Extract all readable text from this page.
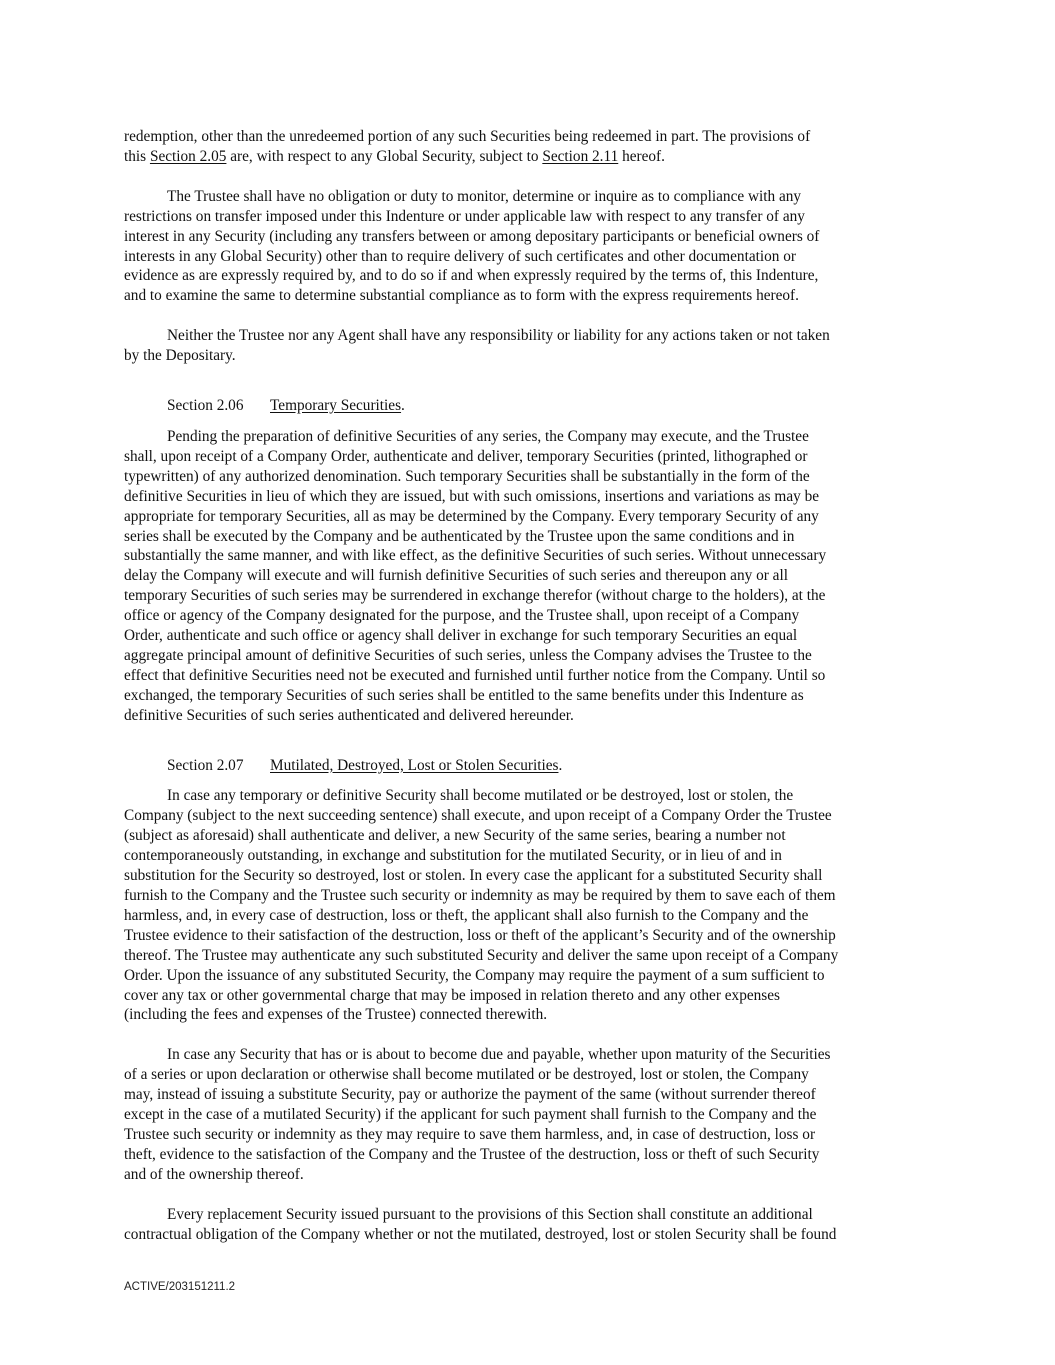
redemption, other than the unredeemed portion of any such Securities being redeemed in part. The provisions of
this Section 2.05 are, with respect to any Global Security, subject to Section 2.11 hereof.

The Trustee shall have no obligation or duty to monitor, determine or inquire as to compliance with any
restrictions on transfer imposed under this Indenture or under applicable law with respect to any transfer of any
interest in any Security (including any transfers between or among depositary participants or beneficial owners of
interests in any Global Security) other than to require delivery of such certificates and other documentation or
evidence as are expressly required by, and to do so if and when expressly required by the terms of, this Indenture,
and to examine the same to determine substantial compliance as to form with the express requirements hereof.

Neither the Trustee nor any Agent shall have any responsibility or liability for any actions taken or not taken
by the Depositary.

Section 2.06 Temporary Securities.

Pending the preparation of definitive Securities of any series, the Company may execute, and the Trustee
shall, upon receipt of a Company Order, authenticate and deliver, temporary Securities (printed, lithographed or
typewritten) of any authorized denomination. Such temporary Securities shall be substantially in the form of the
definitive Securities in lieu of which they are issued, but with such omissions, insertions and variations as may be
appropriate for temporary Securities, all as may be determined by the Company. Every temporary Security of any
series shall be executed by the Company and be authenticated by the Trustee upon the same conditions and in
substantially the same manner, and with like effect, as the definitive Securities of such series. Without unnecessary
delay the Company will execute and will furnish definitive Securities of such series and thereupon any or all
temporary Securities of such series may be surrendered in exchange therefor (without charge to the holders), at the
office or agency of the Company designated for the purpose, and the Trustee shall, upon receipt of a Company
Order, authenticate and such office or agency shall deliver in exchange for such temporary Securities an equal
aggregate principal amount of definitive Securities of such series, unless the Company advises the Trustee to the
effect that definitive Securities need not be executed and furnished until further notice from the Company. Until so
exchanged, the temporary Securities of such series shall be entitled to the same benefits under this Indenture as
definitive Securities of such series authenticated and delivered hereunder.

Section 2.07 Mutilated, Destroyed, Lost or Stolen Securities.

In case any temporary or definitive Security shall become mutilated or be destroyed, lost or stolen, the
Company (subject to the next succeeding sentence) shall execute, and upon receipt of a Company Order the Trustee
(subject as aforesaid) shall authenticate and deliver, a new Security of the same series, bearing a number not
contemporaneously outstanding, in exchange and substitution for the mutilated Security, or in lieu of and in
substitution for the Security so destroyed, lost or stolen. In every case the applicant for a substituted Security shall
furnish to the Company and the Trustee such security or indemnity as may be required by them to save each of them
harmless, and, in every case of destruction, loss or theft, the applicant shall also furnish to the Company and the
Trustee evidence to their satisfaction of the destruction, loss or theft of the applicant’s Security and of the ownership
thereof. The Trustee may authenticate any such substituted Security and deliver the same upon receipt of a Company
Order. Upon the issuance of any substituted Security, the Company may require the payment of a sum sufficient to
cover any tax or other governmental charge that may be imposed in relation thereto and any other expenses
(including the fees and expenses of the Trustee) connected therewith.

In case any Security that has or is about to become due and payable, whether upon maturity of the Securities
of a series or upon declaration or otherwise shall become mutilated or be destroyed, lost or stolen, the Company
may, instead of issuing a substitute Security, pay or authorize the payment of the same (without surrender thereof
except in the case of a mutilated Security) if the applicant for such payment shall furnish to the Company and the
Trustee such security or indemnity as they may require to save them harmless, and, in case of destruction, loss or
theft, evidence to the satisfaction of the Company and the Trustee of the destruction, loss or theft of such Security
and of the ownership thereof.

Every replacement Security issued pursuant to the provisions of this Section shall constitute an additional
contractual obligation of the Company whether or not the mutilated, destroyed, lost or stolen Security shall be found

ACTIVE/203151211.2
